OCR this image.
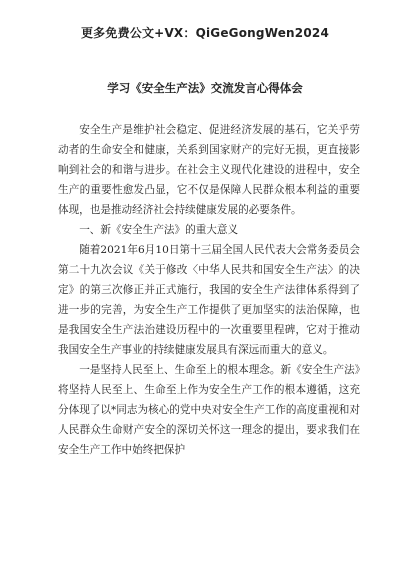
更多免费公文+VX：QiGeGongWen2024
学习《安全生产法》交流发言心得体会

安全生产是维护社会稳定、促进经济发展的基石，它关乎劳动者的生命安全和健康，关系到国家财产的完好无损，更直接影响到社会的和谐与进步。在社会主义现代化建设的进程中，安全生产的重要性愈发凸显，它不仅是保障人民群众根本利益的重要体现，也是推动经济社会持续健康发展的必要条件。

一、新《安全生产法》的重大意义

随着2021年6月10日第十三届全国人民代表大会常务委员会第二十九次会议《关于修改〈中华人民共和国安全生产法〉的决定》的第三次修正并正式施行，我国的安全生产法律体系得到了进一步的完善，为安全生产工作提供了更加坚实的法治保障，也是我国安全生产法治建设历程中的一次重要里程碑，它对于推动我国安全生产事业的持续健康发展具有深远而重大的意义。

一是坚持人民至上、生命至上的根本理念。新《安全生产法》将坚持人民至上、生命至上作为安全生产工作的根本遵循，这充分体现了以*同志为核心的党中央对安全生产工作的高度重视和对人民群众生命财产安全的深切关怀这一理念的提出，要求我们在安全生产工作中始终把保护
